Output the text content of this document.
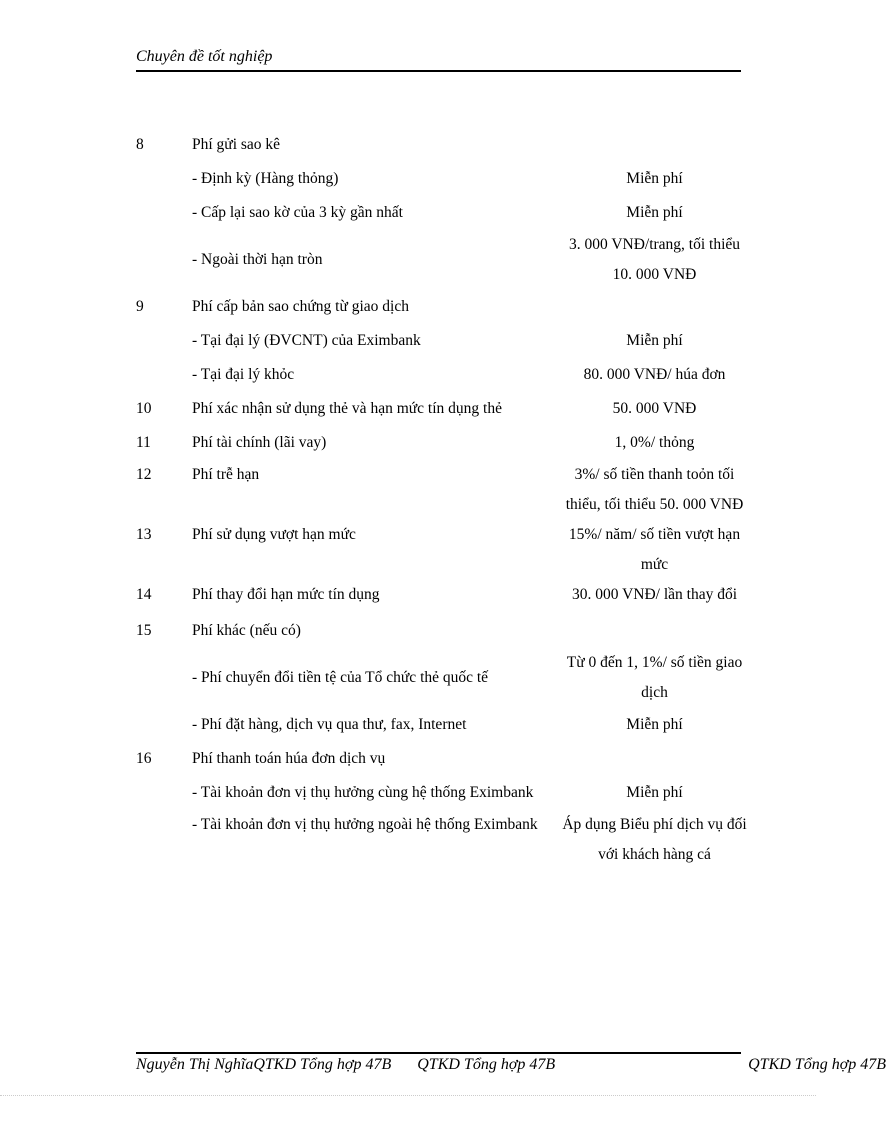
Chuyên đề tốt nghiệp
8	Phí gửi sao kê	
	- Định kỳ (Hàng thỏng)	Miễn phí
	- Cấp lại sao kờ của 3 kỳ gần nhất	Miễn phí
	- Ngoài thời hạn tròn	3. 000 VNĐ/trang, tối thiểu 10. 000 VNĐ
9	Phí cấp bản sao chứng từ giao dịch	
	- Tại đại lý (ĐVCNT) của Eximbank	Miễn phí
	- Tại đại lý khỏc	80. 000 VNĐ/ húa đơn
10	Phí xác nhận sử dụng thẻ và hạn mức tín dụng thẻ	50. 000 VNĐ
11	Phí tài chính (lãi vay)	1, 0%/ thỏng
12	Phí trễ hạn	3%/ số tiền thanh toỏn tối thiểu, tối thiểu 50. 000 VNĐ
13	Phí sử dụng vượt hạn mức	15%/ năm/ số tiền vượt hạn mức
14	Phí thay đổi hạn mức tín dụng	30. 000 VNĐ/ lần thay đổi
15	Phí khác (nếu có)	
	- Phí chuyển đổi tiền tệ của Tổ chức thẻ quốc tế	Từ 0 đến 1, 1%/ số tiền giao dịch
	- Phí đặt hàng, dịch vụ qua thư, fax, Internet	Miễn phí
16	Phí thanh toán húa đơn dịch vụ	
	- Tài khoản đơn vị thụ hưởng cùng hệ thống Eximbank	Miễn phí
	- Tài khoản đơn vị thụ hưởng ngoài hệ thống Eximbank	Áp dụng Biểu phí dịch vụ đối với khách hàng cá
Nguyễn Thị NghĩaQTKD Tổng hợp 47B QTKD Tổng hợp 47B	QTKD Tổng hợp 47B
